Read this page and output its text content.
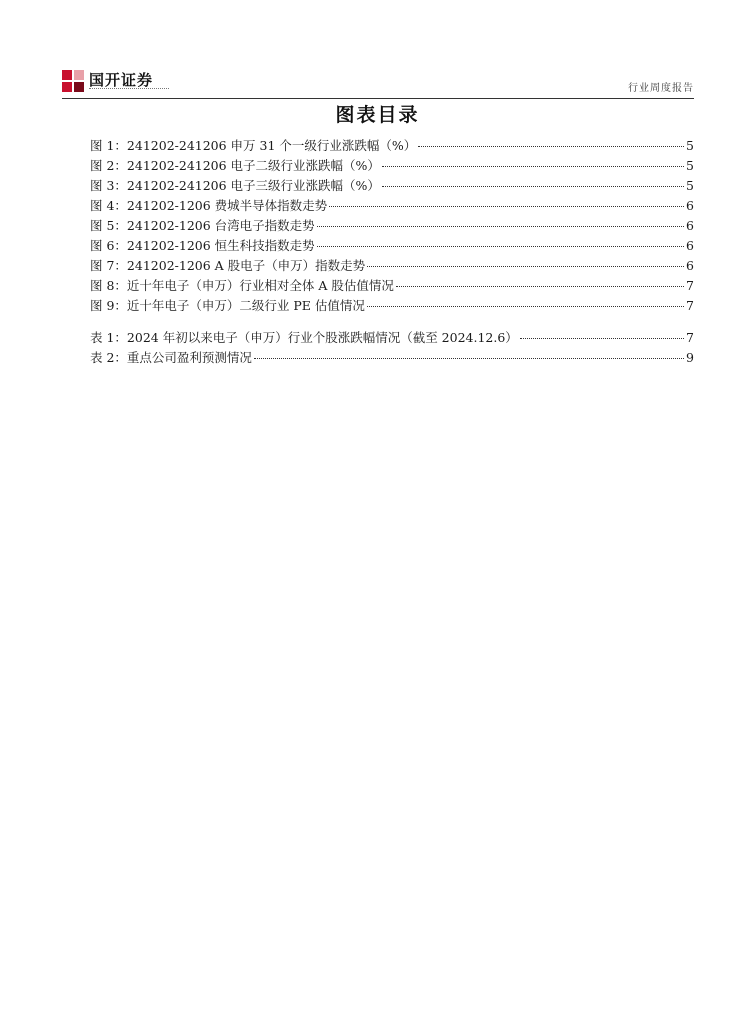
国开证券	行业周度报告
图表目录
图 1：241202-241206 申万 31 个一级行业涨跌幅（%）	5
图 2：241202-241206 电子二级行业涨跌幅（%）	5
图 3：241202-241206 电子三级行业涨跌幅（%）	5
图 4：241202-1206 费城半导体指数走势	6
图 5：241202-1206 台湾电子指数走势	6
图 6：241202-1206 恒生科技指数走势	6
图 7：241202-1206 A 股电子（申万）指数走势	6
图 8：近十年电子（申万）行业相对全体 A 股估值情况	7
图 9：近十年电子（申万）二级行业 PE 估值情况	7
表 1：2024 年初以来电子（申万）行业个股涨跌幅情况（截至 2024.12.6）	7
表 2：重点公司盈利预测情况	9
